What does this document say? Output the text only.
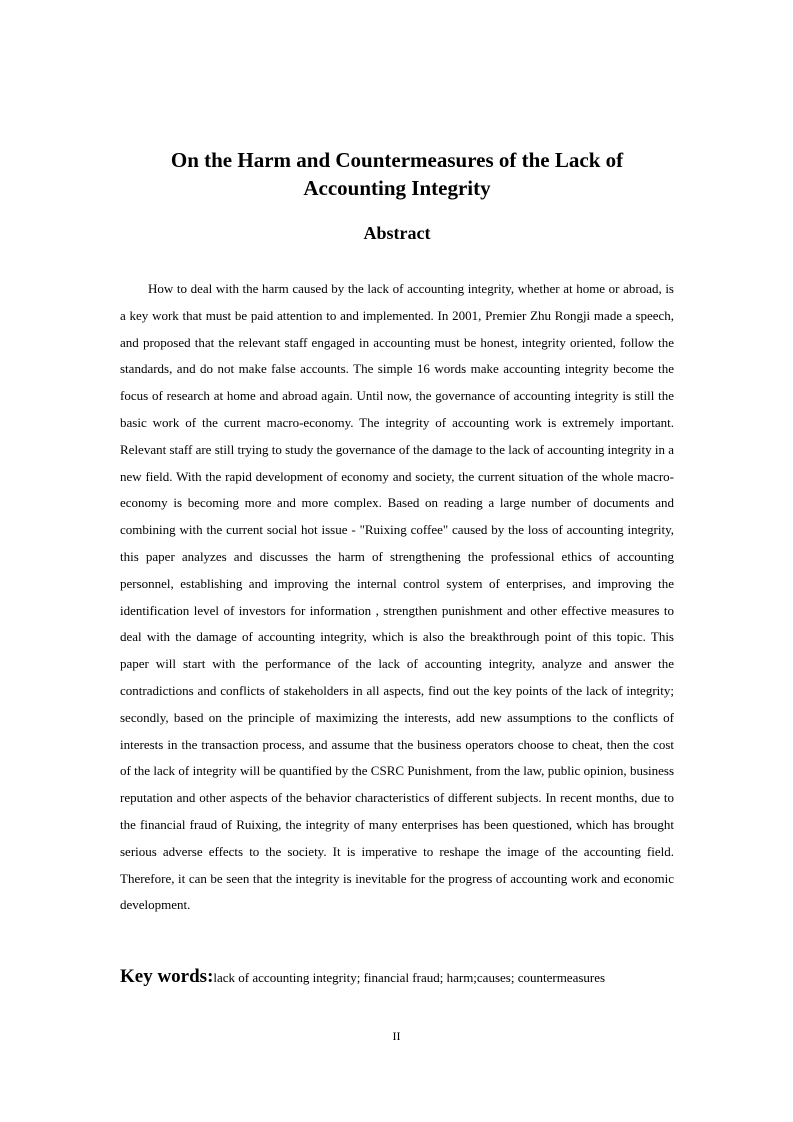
On the Harm and Countermeasures of the Lack of Accounting Integrity
Abstract
How to deal with the harm caused by the lack of accounting integrity, whether at home or abroad, is a key work that must be paid attention to and implemented. In 2001, Premier Zhu Rongji made a speech, and proposed that the relevant staff engaged in accounting must be honest, integrity oriented, follow the standards, and do not make false accounts. The simple 16 words make accounting integrity become the focus of research at home and abroad again. Until now, the governance of accounting integrity is still the basic work of the current macro-economy. The integrity of accounting work is extremely important. Relevant staff are still trying to study the governance of the damage to the lack of accounting integrity in a new field. With the rapid development of economy and society, the current situation of the whole macro-economy is becoming more and more complex. Based on reading a large number of documents and combining with the current social hot issue - "Ruixing coffee" caused by the loss of accounting integrity, this paper analyzes and discusses the harm of strengthening the professional ethics of accounting personnel, establishing and improving the internal control system of enterprises, and improving the identification level of investors for information , strengthen punishment and other effective measures to deal with the damage of accounting integrity, which is also the breakthrough point of this topic. This paper will start with the performance of the lack of accounting integrity, analyze and answer the contradictions and conflicts of stakeholders in all aspects, find out the key points of the lack of integrity; secondly, based on the principle of maximizing the interests, add new assumptions to the conflicts of interests in the transaction process, and assume that the business operators choose to cheat, then the cost of the lack of integrity will be quantified by the CSRC Punishment, from the law, public opinion, business reputation and other aspects of the behavior characteristics of different subjects. In recent months, due to the financial fraud of Ruixing, the integrity of many enterprises has been questioned, which has brought serious adverse effects to the society. It is imperative to reshape the image of the accounting field. Therefore, it can be seen that the integrity is inevitable for the progress of accounting work and economic development.
Key words:lack of accounting integrity; financial fraud; harm;causes; countermeasures
II
